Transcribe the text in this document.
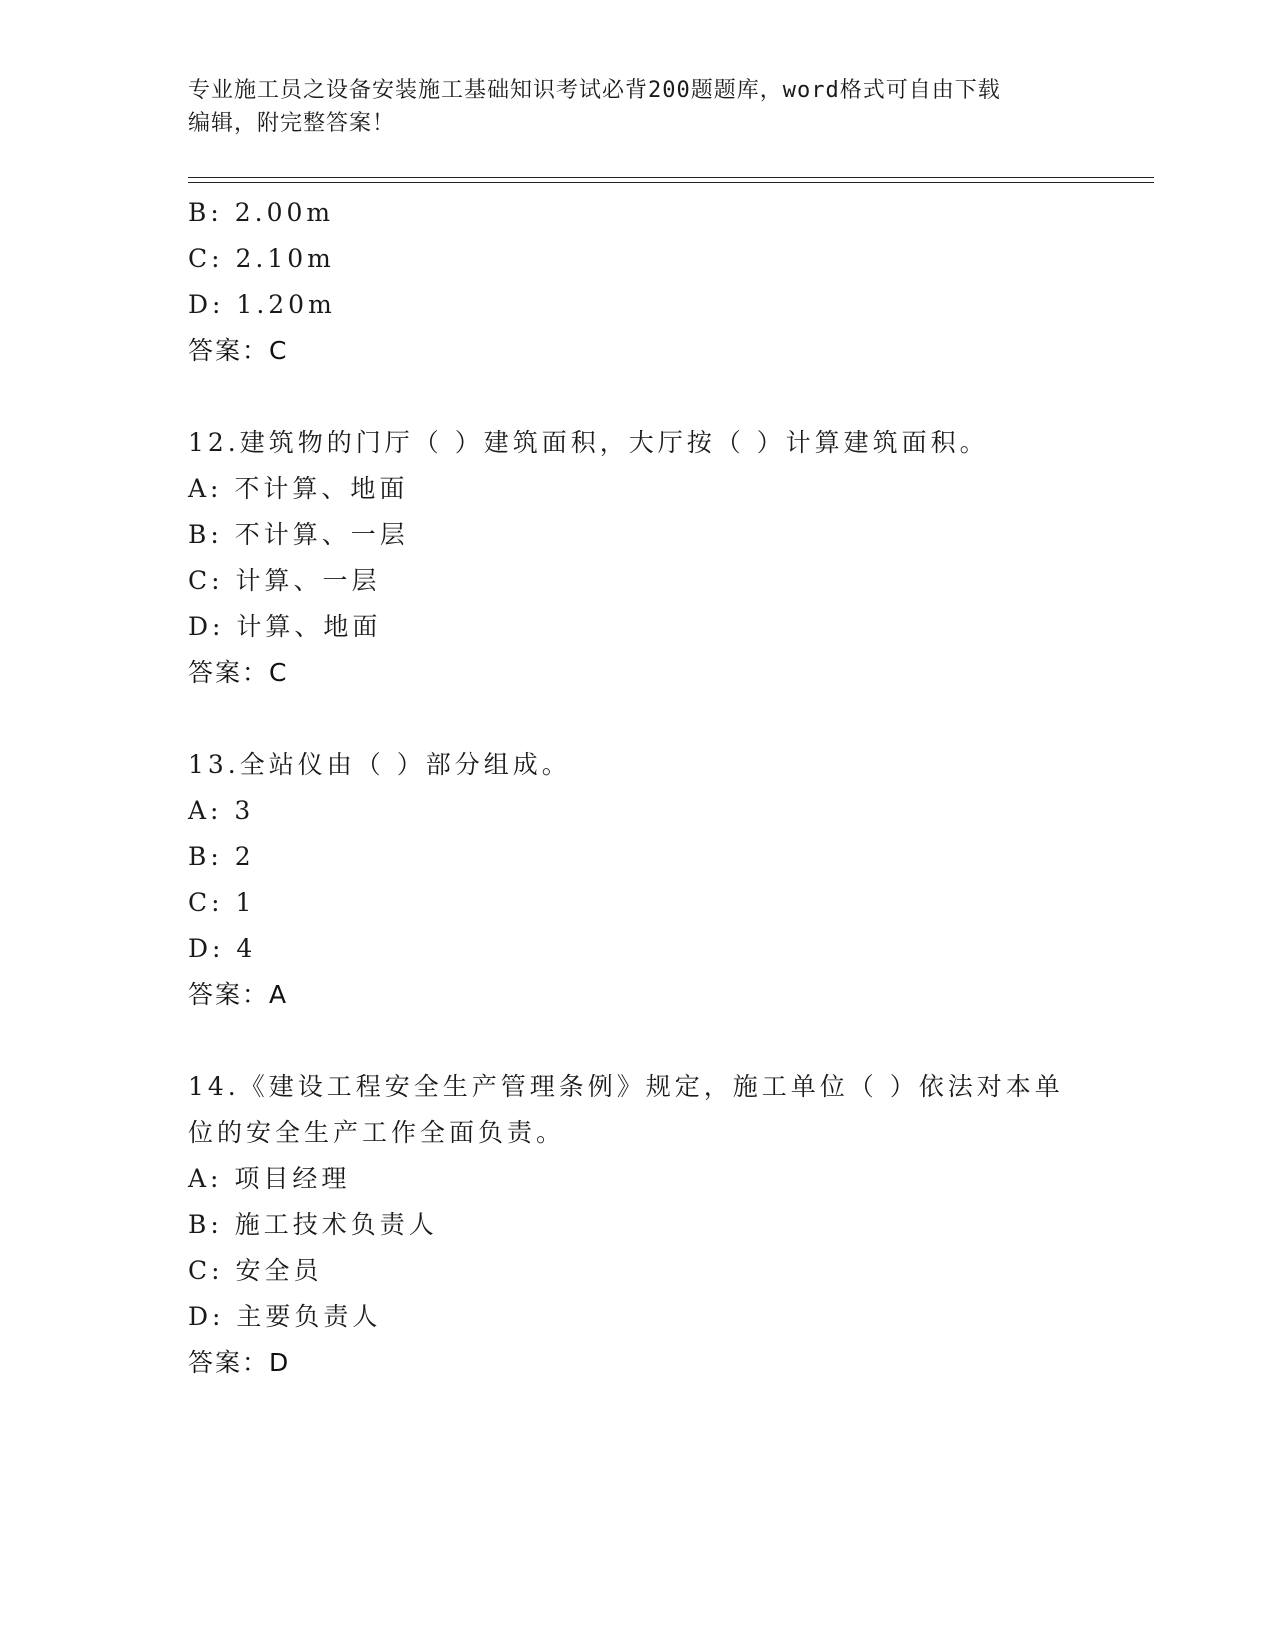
专业施工员之设备安装施工基础知识考试必背200题题库，word格式可自由下载
编辑，附完整答案！
B: 2.00m
C: 2.10m
D: 1.20m
答案：C
12.建筑物的门厅（ ）建筑面积，大厅按（ ）计算建筑面积。
A: 不计算、地面
B: 不计算、一层
C: 计算、一层
D: 计算、地面
答案：C
13.全站仪由（ ）部分组成。
A: 3
B: 2
C: 1
D: 4
答案：A
14.《建设工程安全生产管理条例》规定，施工单位（ ）依法对本单
位的安全生产工作全面负责。
A: 项目经理
B: 施工技术负责人
C: 安全员
D: 主要负责人
答案：D
